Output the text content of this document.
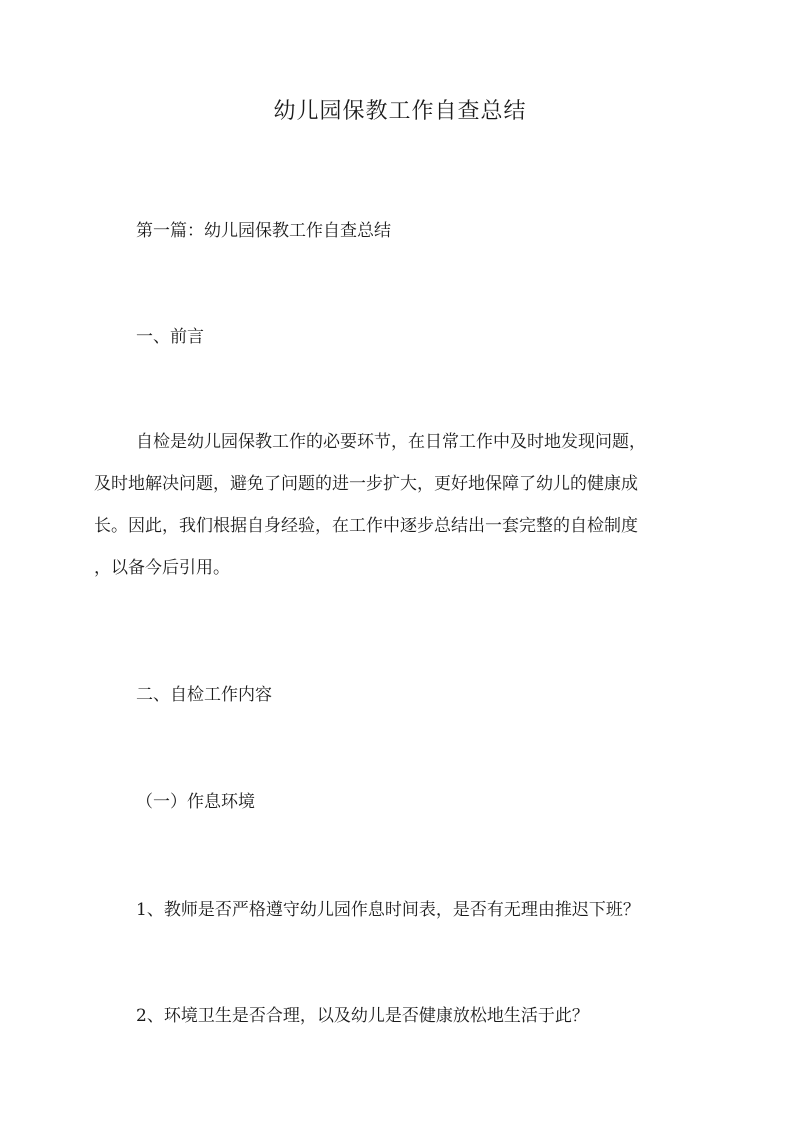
幼儿园保教工作自查总结
第一篇：幼儿园保教工作自查总结
一、前言
自检是幼儿园保教工作的必要环节，在日常工作中及时地发现问题，
及时地解决问题，避免了问题的进一步扩大，更好地保障了幼儿的健康成
长。因此，我们根据自身经验，在工作中逐步总结出一套完整的自检制度
，以备今后引用。
二、自检工作内容
（一）作息环境
1、教师是否严格遵守幼儿园作息时间表，是否有无理由推迟下班？
2、环境卫生是否合理，以及幼儿是否健康放松地生活于此？
